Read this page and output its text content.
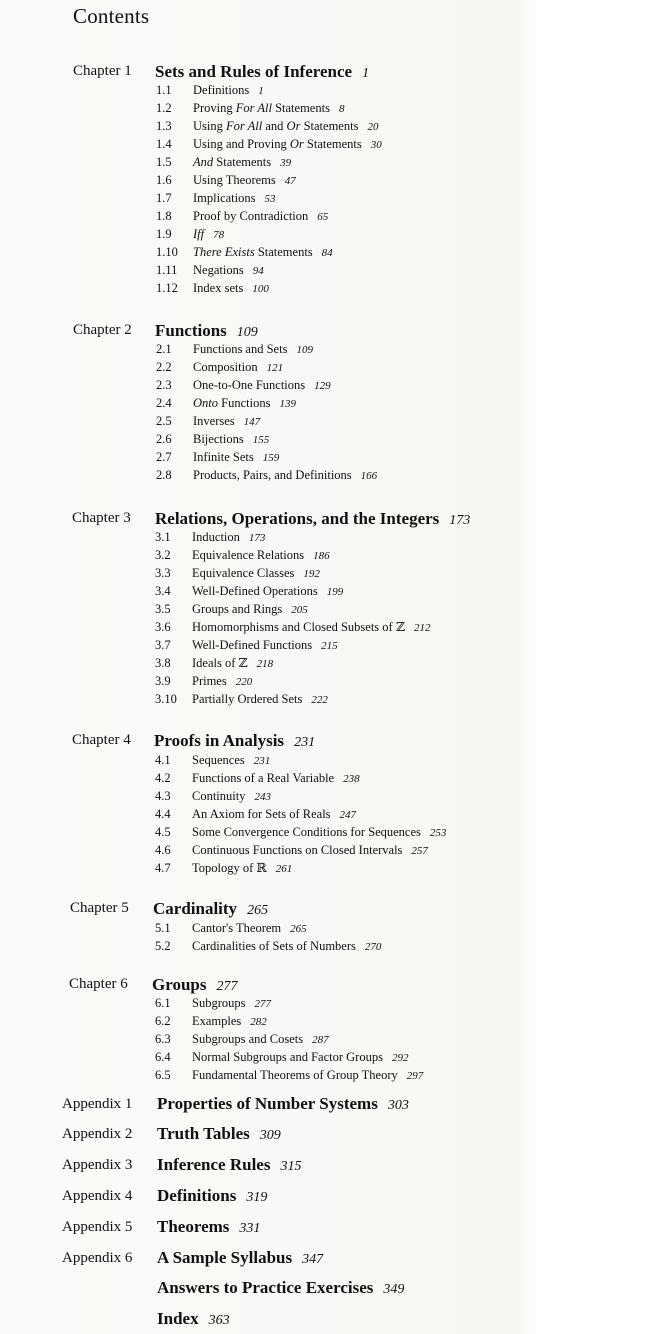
Contents
Chapter 1 Sets and Rules of Inference 1
1.1 Definitions 1
1.2 Proving For All Statements 8
1.3 Using For All and Or Statements 20
1.4 Using and Proving Or Statements 30
1.5 And Statements 39
1.6 Using Theorems 47
1.7 Implications 53
1.8 Proof by Contradiction 65
1.9 Iff 78
1.10 There Exists Statements 84
1.11 Negations 94
1.12 Index sets 100
Chapter 2 Functions 109
2.1 Functions and Sets 109
2.2 Composition 121
2.3 One-to-One Functions 129
2.4 Onto Functions 139
2.5 Inverses 147
2.6 Bijections 155
2.7 Infinite Sets 159
2.8 Products, Pairs, and Definitions 166
Chapter 3 Relations, Operations, and the Integers 173
3.1 Induction 173
3.2 Equivalence Relations 186
3.3 Equivalence Classes 192
3.4 Well-Defined Operations 199
3.5 Groups and Rings 205
3.6 Homomorphisms and Closed Subsets of ℤ 212
3.7 Well-Defined Functions 215
3.8 Ideals of ℤ 218
3.9 Primes 220
3.10 Partially Ordered Sets 222
Chapter 4 Proofs in Analysis 231
4.1 Sequences 231
4.2 Functions of a Real Variable 238
4.3 Continuity 243
4.4 An Axiom for Sets of Reals 247
4.5 Some Convergence Conditions for Sequences 253
4.6 Continuous Functions on Closed Intervals 257
4.7 Topology of ℝ 261
Chapter 5 Cardinality 265
5.1 Cantor's Theorem 265
5.2 Cardinalities of Sets of Numbers 270
Chapter 6 Groups 277
6.1 Subgroups 277
6.2 Examples 282
6.3 Subgroups and Cosets 287
6.4 Normal Subgroups and Factor Groups 292
6.5 Fundamental Theorems of Group Theory 297
Appendix 1 Properties of Number Systems 303
Appendix 2 Truth Tables 309
Appendix 3 Inference Rules 315
Appendix 4 Definitions 319
Appendix 5 Theorems 331
Appendix 6 A Sample Syllabus 347
Answers to Practice Exercises 349
Index 363
